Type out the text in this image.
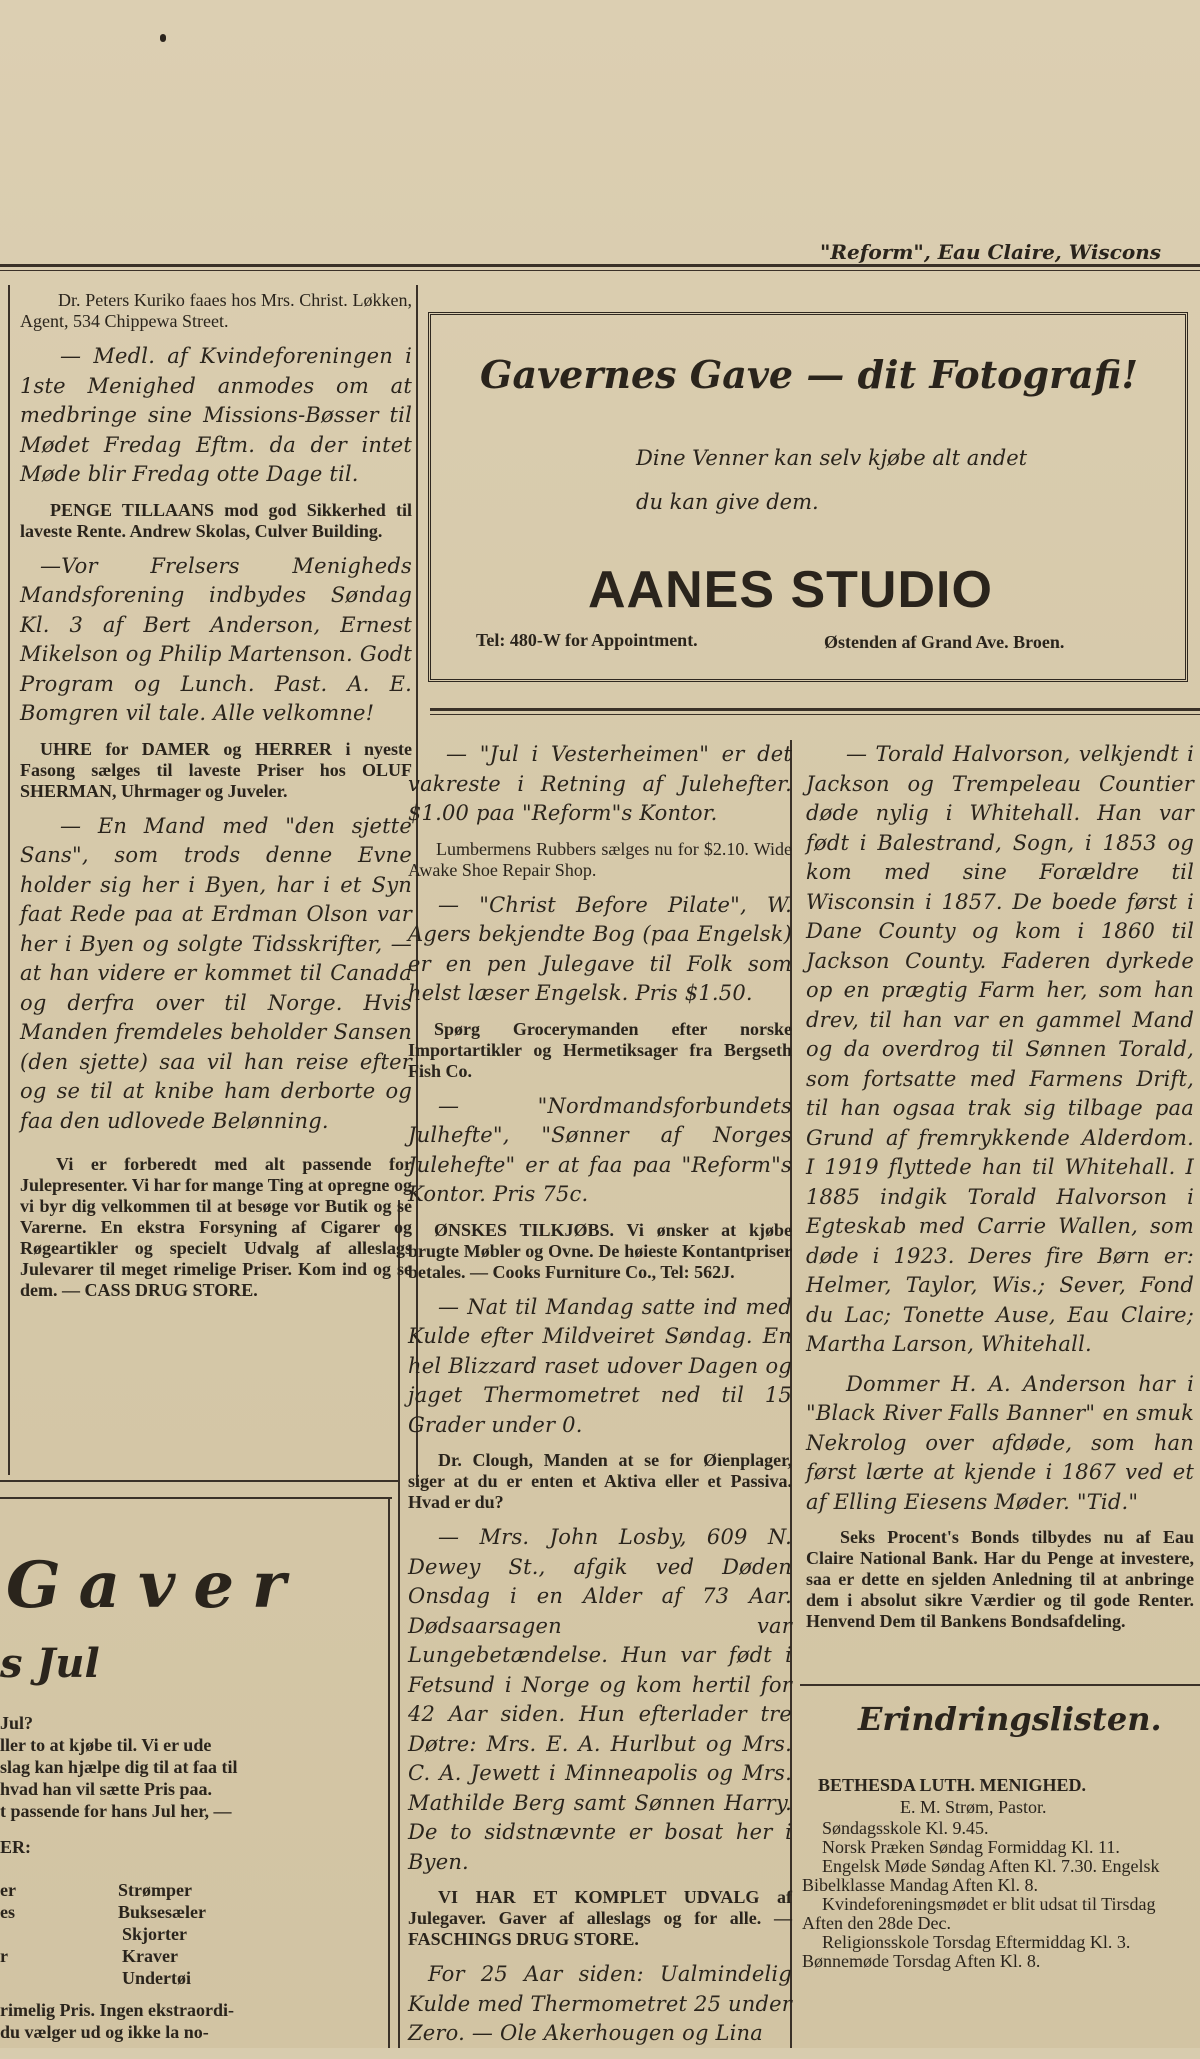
"Reform", Eau Claire, Wiscons

Dr. Peters Kuriko faaes hos Mrs. Christ. Løkken, Agent, 534 Chippewa Street.

— Medl. af Kvindeforeningen i 1ste Menighed anmodes om at medbringe sine Missions-Bøsser til Mødet Fredag Eftm. da der intet Møde blir Fredag otte Dage til.

PENGE TILLAANS mod god Sikkerhed til laveste Rente. Andrew Skolas, Culver Building.

—Vor Frelsers Menigheds Mandsforening indbydes Søndag Kl. 3 af Bert Anderson, Ernest Mikelson og Philip Martenson. Godt Program og Lunch. Past. A. E. Bomgren vil tale. Alle velkomne!

UHRE for DAMER og HERRER i nyeste Fasong sælges til laveste Priser hos OLUF SHERMAN, Uhrmager og Juveler.

— En Mand med "den sjette Sans", som trods denne Evne holder sig her i Byen, har i et Syn faat Rede paa at Erdman Olson var her i Byen og solgte Tidsskrifter, — at han videre er kommet til Canada og derfra over til Norge. Hvis Manden fremdeles beholder Sansen (den sjette) saa vil han reise efter og se til at knibe ham derborte og faa den udlovede Belønning.

Vi er forberedt med alt passende for Julepresenter. Vi har for mange Ting at opregne og vi byr dig velkommen til at besøge vor Butik og se Varerne. En ekstra Forsyning af Cigarer og Røgeartikler og specielt Udvalg af alleslags Julevarer til meget rimelige Priser. Kom ind og se dem. — CASS DRUG STORE.

Gavernes Gave — dit Fotografi!
Dine Venner kan selv kjøbe alt andet
du kan give dem.
AANES STUDIO
Tel: 480-W for Appointment.	Østenden af Grand Ave. Broen.

— "Jul i Vesterheimen" er det vakreste i Retning af Julehefter. $1.00 paa "Reform"s Kontor.

Lumbermens Rubbers sælges nu for $2.10. Wide Awake Shoe Repair Shop.

— "Christ Before Pilate", W. Agers bekjendte Bog (paa Engelsk) er en pen Julegave til Folk som helst læser Engelsk. Pris $1.50.

Spørg Grocerymanden efter norske Importartikler og Hermetiksager fra Bergseth Fish Co.

— "Nordmandsforbundets Julhefte", "Sønner af Norges Julehefte" er at faa paa "Reform"s Kontor. Pris 75c.

ØNSKES TILKJØBS. Vi ønsker at kjøbe brugte Møbler og Ovne. De høieste Kontantpriser betales. — Cooks Furniture Co., Tel: 562J.

— Nat til Mandag satte ind med Kulde efter Mildveiret Søndag. En hel Blizzard raset udover Dagen og jaget Thermometret ned til 15 Grader under 0.

Dr. Clough, Manden at se for Øienplager, siger at du er enten et Aktiva eller et Passiva. Hvad er du?

— Mrs. John Losby, 609 N. Dewey St., afgik ved Døden Onsdag i en Alder af 73 Aar. Dødsaarsagen var Lungebetændelse. Hun var født i Fetsund i Norge og kom hertil for 42 Aar siden. Hun efterlader tre Døtre: Mrs. E. A. Hurlbut og Mrs. C. A. Jewett i Minneapolis og Mrs. Mathilde Berg samt Sønnen Harry. De to sidstnævnte er bosat her i Byen.

VI HAR ET KOMPLET UDVALG af Julegaver. Gaver af alleslags og for alle. — FASCHINGS DRUG STORE.

For 25 Aar siden: Ualmindelig Kulde med Thermometret 25 under Zero. — Ole Akerhougen og Lina

— Torald Halvorson, velkjendt i Jackson og Trempeleau Countier døde nylig i Whitehall. Han var født i Balestrand, Sogn, i 1853 og kom med sine Forældre til Wisconsin i 1857. De boede først i Dane County og kom i 1860 til Jackson County. Faderen dyrkede op en prægtig Farm her, som han drev, til han var en gammel Mand og da overdrog til Sønnen Torald, som fortsatte med Farmens Drift, til han ogsaa trak sig tilbage paa Grund af fremrykkende Alderdom. I 1919 flyttede han til Whitehall. I 1885 indgik Torald Halvorson i Egteskab med Carrie Wallen, som døde i 1923. Deres fire Børn er: Helmer, Taylor, Wis.; Sever, Fond du Lac; Tonette Ause, Eau Claire; Martha Larson, Whitehall.

Dommer H. A. Anderson har i "Black River Falls Banner" en smuk Nekrolog over afdøde, som han først lærte at kjende i 1867 ved et af Elling Eiesens Møder. "Tid."

Seks Procent's Bonds tilbydes nu af Eau Claire National Bank. Har du Penge at investere, saa er dette en sjelden Anledning til at anbringe dem i absolut sikre Værdier og til gode Renter. Henvend Dem til Bankens Bondsafdeling.

Erindringslisten.
BETHESDA LUTH. MENIGHED.
E. M. Strøm, Pastor.
Søndagsskole Kl. 9.45.
Norsk Præken Søndag Formiddag Kl. 11.
Engelsk Møde Søndag Aften Kl. 7.30. Engelsk Bibelklasse Mandag Aften Kl. 8.
Kvindeforeningsmødet er blit udsat til Tirsdag Aften den 28de Dec.
Religionsskole Torsdag Eftermiddag Kl. 3. Bønnemøde Torsdag Aften Kl. 8.
Gaver
s Jul
Jul?
ller to at kjøbe til. Vi er ude
slag kan hjælpe dig til at faa til
hvad han vil sætte Pris paa.
t passende for hans Jul her, —
ER:
er
es
r
Strømper
Buksesæler
Skjorter
Kraver
Undertøi
rimelig Pris. Ingen ekstraordi-
du vælger ud og ikke la no-
